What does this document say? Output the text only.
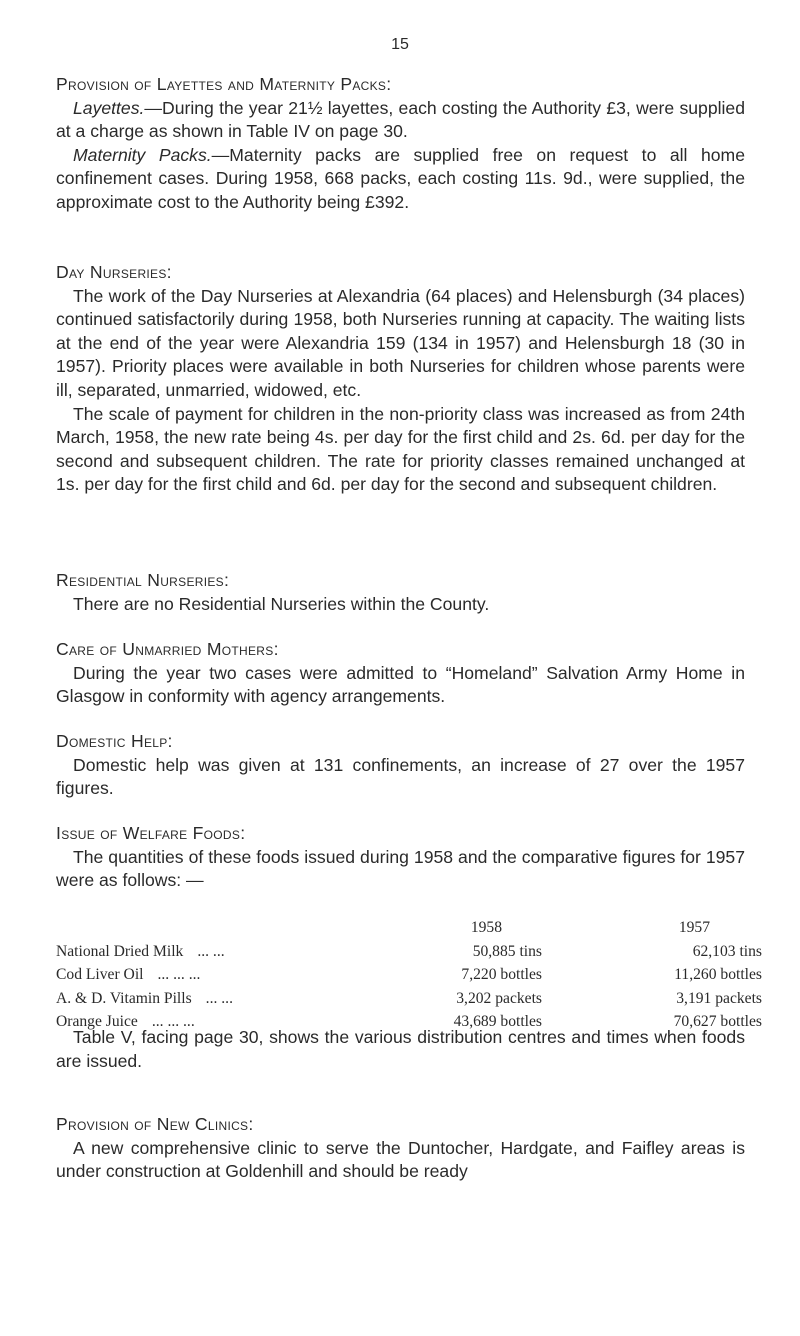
15
Provision of Layettes and Maternity Packs:
Layettes.—During the year 21½ layettes, each costing the Authority £3, were supplied at a charge as shown in Table IV on page 30.
Maternity Packs.—Maternity packs are supplied free on request to all home confinement cases. During 1958, 668 packs, each costing 11s. 9d., were supplied, the approximate cost to the Authority being £392.
Day Nurseries:
The work of the Day Nurseries at Alexandria (64 places) and Helensburgh (34 places) continued satisfactorily during 1958, both Nurseries running at capacity. The waiting lists at the end of the year were Alexandria 159 (134 in 1957) and Helensburgh 18 (30 in 1957). Priority places were available in both Nurseries for children whose parents were ill, separated, unmarried, widowed, etc.
The scale of payment for children in the non-priority class was increased as from 24th March, 1958, the new rate being 4s. per day for the first child and 2s. 6d. per day for the second and subsequent children. The rate for priority classes remained unchanged at 1s. per day for the first child and 6d. per day for the second and subsequent children.
Residential Nurseries:
There are no Residential Nurseries within the County.
Care of Unmarried Mothers:
During the year two cases were admitted to “Homeland” Salvation Army Home in Glasgow in conformity with agency arrangements.
Domestic Help:
Domestic help was given at 131 confinements, an increase of 27 over the 1957 figures.
Issue of Welfare Foods:
The quantities of these foods issued during 1958 and the comparative figures for 1957 were as follows: —
	1958	1957
National Dried Milk ... ...	50,885 tins	62,103 tins
Cod Liver Oil ... ... ...	7,220 bottles	11,260 bottles
A. & D. Vitamin Pills ... ...	3,202 packets	3,191 packets
Orange Juice ... ... ...	43,689 bottles	70,627 bottles
Table V, facing page 30, shows the various distribution centres and times when foods are issued.
Provision of New Clinics:
A new comprehensive clinic to serve the Duntocher, Hardgate, and Faifley areas is under construction at Goldenhill and should be ready
